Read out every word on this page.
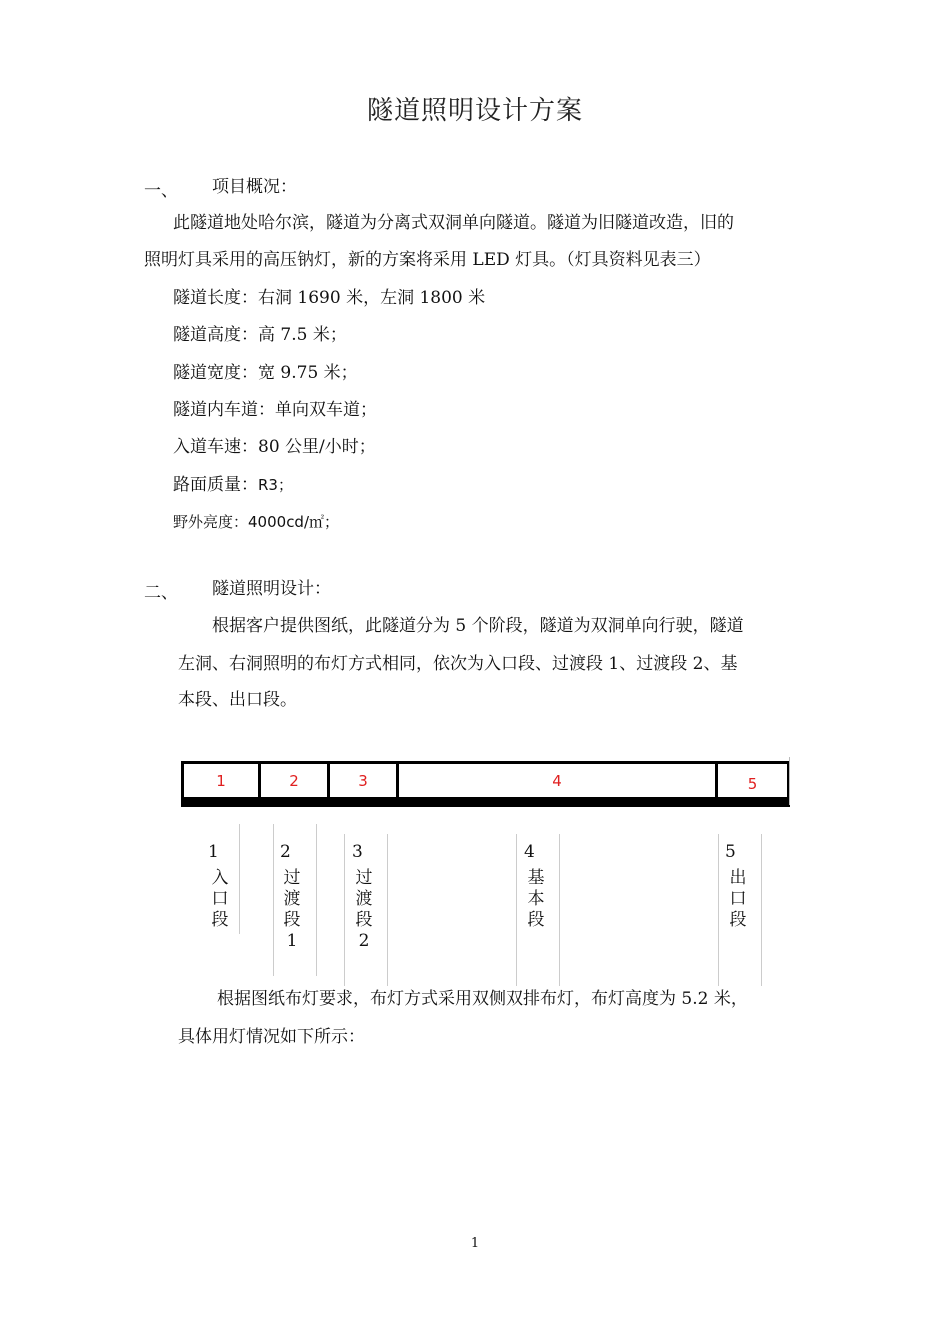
隧道照明设计方案
一、 项目概况：
此隧道地处哈尔滨，隧道为分离式双洞单向隧道。隧道为旧隧道改造，旧的
照明灯具采用的高压钠灯，新的方案将采用 LED 灯具。（灯具资料见表三）
隧道长度：右洞 1690 米，左洞 1800 米
隧道高度：高 7.5 米；
隧道宽度：宽 9.75 米；
隧道内车道：单向双车道；
入道车速：80 公里/小时；
路面质量：R3；
野外亮度：4000cd/㎡；
二、 隧道照明设计：
根据客户提供图纸，此隧道分为 5 个阶段，隧道为双洞单向行驶，隧道
左洞、右洞照明的布灯方式相同，依次为入口段、过渡段 1、过渡段 2、基
本段、出口段。
1	2	3	4	5
1
入
口
段
2
过
渡
段
1
3
过
渡
段
2
4
基
本
段
5
出
口
段
根据图纸布灯要求，布灯方式采用双侧双排布灯，布灯高度为 5.2 米，
具体用灯情况如下所示：
1
